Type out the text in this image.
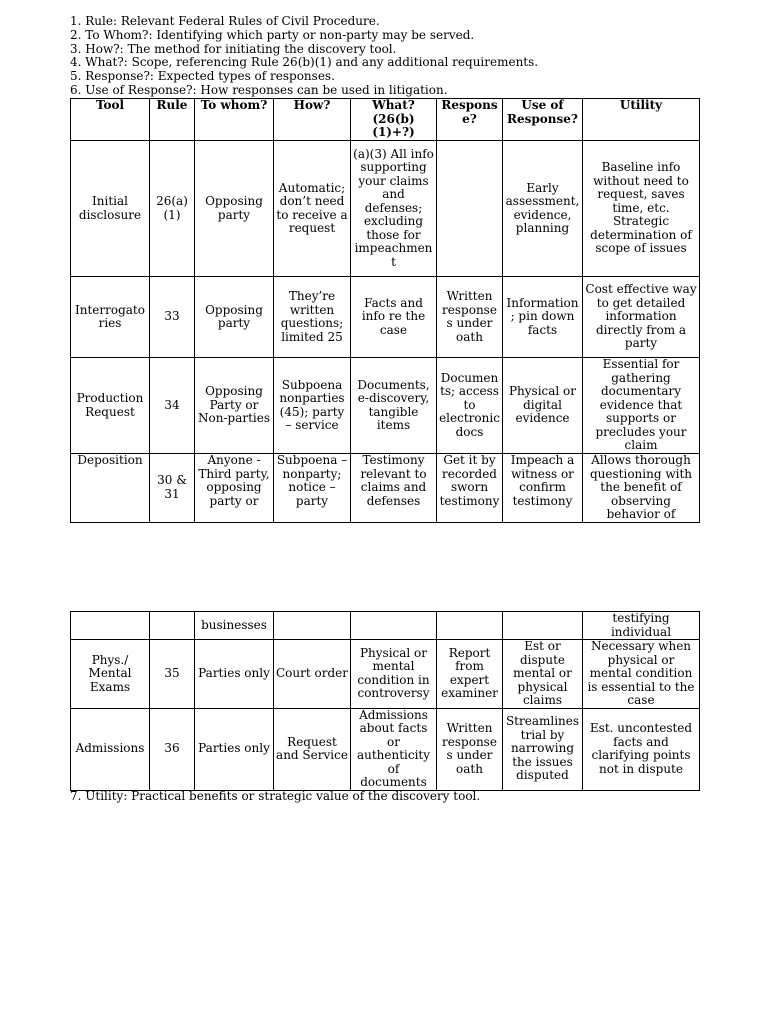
1. Rule: Relevant Federal Rules of Civil Procedure.
2. To Whom?: Identifying which party or non-party may be served.
3. How?: The method for initiating the discovery tool.
4. What?: Scope, referencing Rule 26(b)(1) and any additional requirements.
5. Response?: Expected types of responses.
6. Use of Response?: How responses can be used in litigation.
Tool	Rule	To whom?	How?	What? (26(b)(1)+?)	Respons e?	Use of Response?	Utility
Initial disclosure	26(a)(1)	Opposing party	Automatic; don’t need to receive a request	(a)(3) All info supporting your claims and defenses; excluding those for impeachment		Early assessment, evidence, planning	Baseline info without need to request, saves time, etc. Strategic determination of scope of issues
Interrogatories	33	Opposing party	They’re written questions; limited 25	Facts and info re the case	Written responses under oath	Information; pin down facts	Cost effective way to get detailed information directly from a party
Production Request	34	Opposing Party or Non-parties	Subpoena nonparties (45); party – service	Documents, e-discovery, tangible items	Documents; access to electronic docs	Physical or digital evidence	Essential for gathering documentary evidence that supports or precludes your claim
Deposition	30 & 31	Anyone - Third party, opposing party or	Subpoena – nonparty; notice – party	Testimony relevant to claims and defenses	Get it by recorded sworn testimony	Impeach a witness or confirm testimony	Allows thorough questioning with the benefit of observing behavior of
		businesses					testifying individual
Phys./ Mental Exams	35	Parties only	Court order	Physical or mental condition in controversy	Report from expert examiner	Est or dispute mental or physical claims	Necessary when physical or mental condition is essential to the case
Admissions	36	Parties only	Request and Service	Admissions about facts or authenticity of documents	Written responses under oath	Streamlines trial by narrowing the issues disputed	Est. uncontested facts and clarifying points not in dispute
7. Utility: Practical benefits or strategic value of the discovery tool.
